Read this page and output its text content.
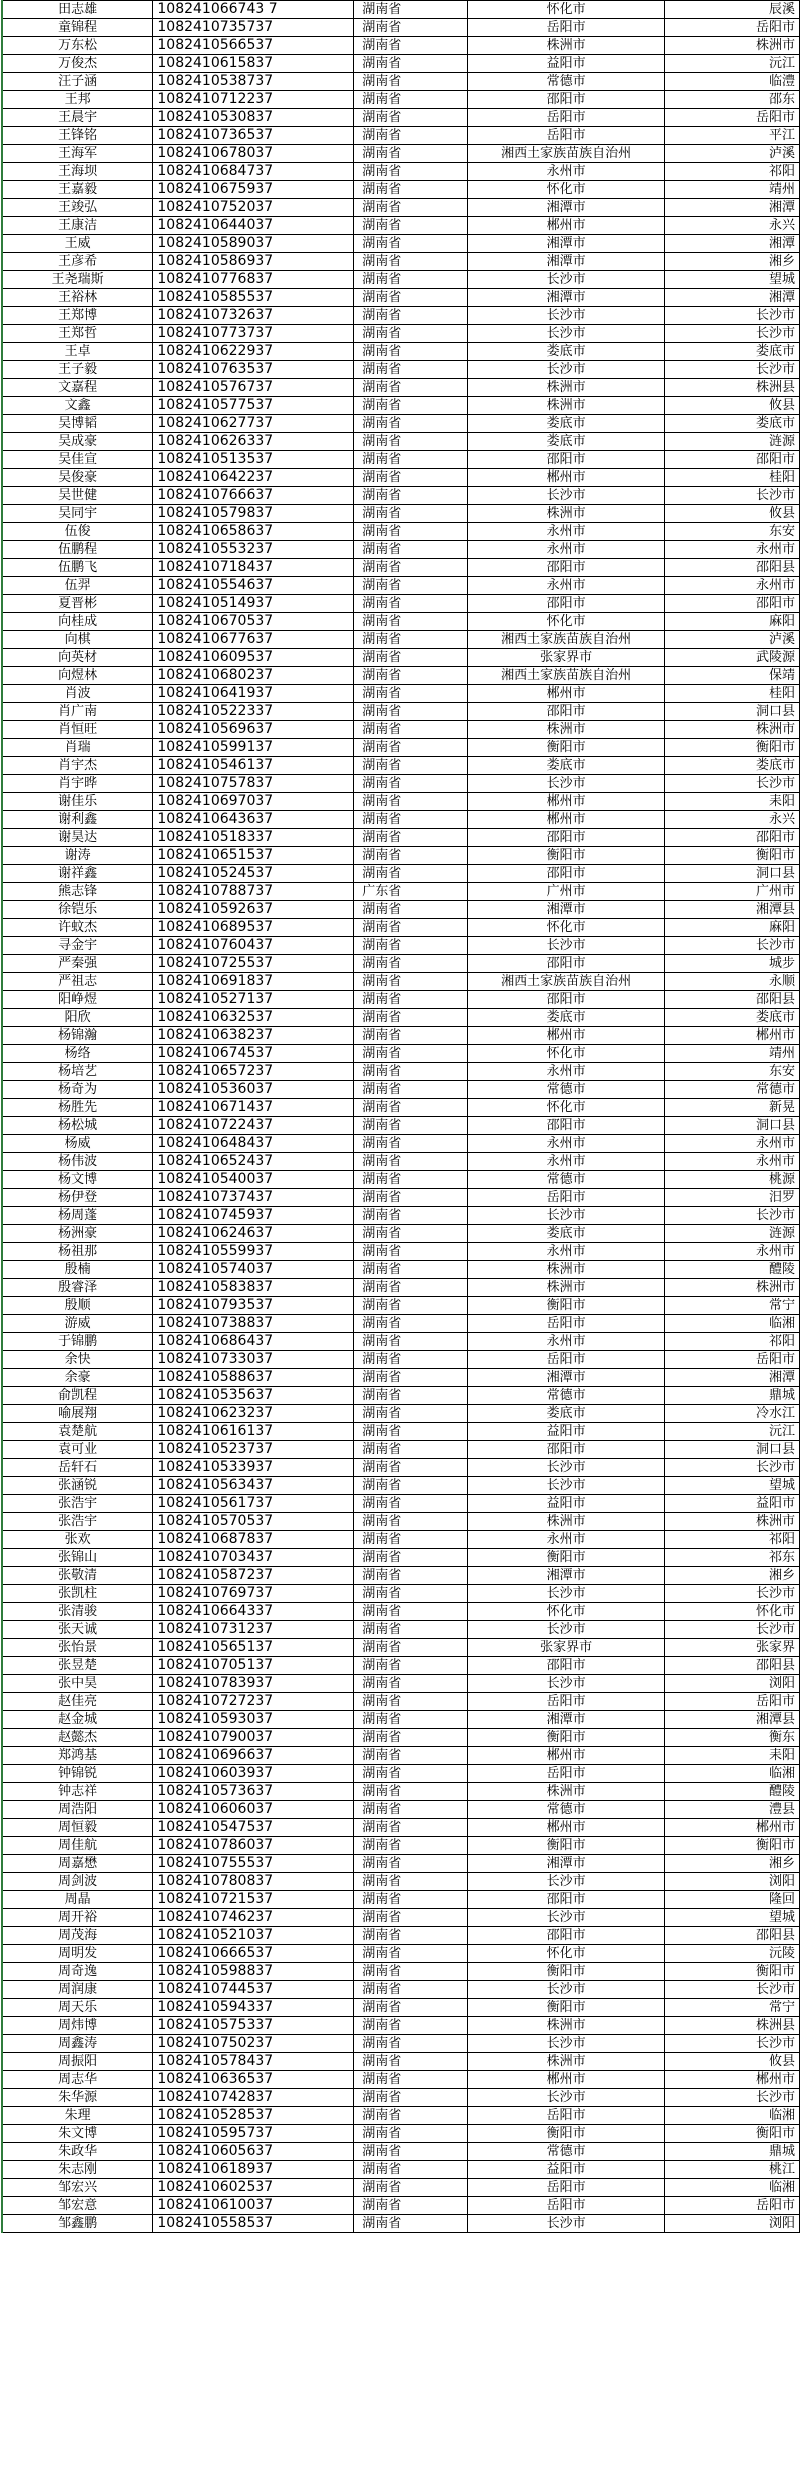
田志雄	108241066743 7	湖南省	怀化市	辰溪
童锦程	1082410735737	湖南省	岳阳市	岳阳市
万东松	1082410566537	湖南省	株洲市	株洲市
万俊杰	1082410615837	湖南省	益阳市	沅江
汪子涵	1082410538737	湖南省	常德市	临澧
王邦	1082410712237	湖南省	邵阳市	邵东
王晨宇	1082410530837	湖南省	岳阳市	岳阳市
王锋铭	1082410736537	湖南省	岳阳市	平江
王海军	1082410678037	湖南省	湘西土家族苗族自治州	泸溪
王海坝	1082410684737	湖南省	永州市	祁阳
王嘉毅	1082410675937	湖南省	怀化市	靖州
王竣弘	1082410752037	湖南省	湘潭市	湘潭
王康洁	1082410644037	湖南省	郴州市	永兴
王威	1082410589037	湖南省	湘潭市	湘潭
王彦希	1082410586937	湖南省	湘潭市	湘乡
王尧瑞斯	1082410776837	湖南省	长沙市	望城
王裕林	1082410585537	湖南省	湘潭市	湘潭
王郑博	1082410732637	湖南省	长沙市	长沙市
王郑哲	1082410773737	湖南省	长沙市	长沙市
王卓	1082410622937	湖南省	娄底市	娄底市
王子毅	1082410763537	湖南省	长沙市	长沙市
文嘉程	1082410576737	湖南省	株洲市	株洲县
文鑫	1082410577537	湖南省	株洲市	攸县
吴博韬	1082410627737	湖南省	娄底市	娄底市
吴成豪	1082410626337	湖南省	娄底市	涟源
吴佳宣	1082410513537	湖南省	邵阳市	邵阳市
吴俊豪	1082410642237	湖南省	郴州市	桂阳
吴世健	1082410766637	湖南省	长沙市	长沙市
吴同宇	1082410579837	湖南省	株洲市	攸县
伍俊	1082410658637	湖南省	永州市	东安
伍鹏程	1082410553237	湖南省	永州市	永州市
伍鹏飞	1082410718437	湖南省	邵阳市	邵阳县
伍羿	1082410554637	湖南省	永州市	永州市
夏晋彬	1082410514937	湖南省	邵阳市	邵阳市
向桂成	1082410670537	湖南省	怀化市	麻阳
向棋	1082410677637	湖南省	湘西土家族苗族自治州	泸溪
向英材	1082410609537	湖南省	张家界市	武陵源
向煜林	1082410680237	湖南省	湘西土家族苗族自治州	保靖
肖波	1082410641937	湖南省	郴州市	桂阳
肖广南	1082410522337	湖南省	邵阳市	洞口县
肖恒旺	1082410569637	湖南省	株洲市	株洲市
肖瑞	1082410599137	湖南省	衡阳市	衡阳市
肖宇杰	1082410546137	湖南省	娄底市	娄底市
肖宇晔	1082410757837	湖南省	长沙市	长沙市
谢佳乐	1082410697037	湖南省	郴州市	耒阳
谢利鑫	1082410643637	湖南省	郴州市	永兴
谢昊达	1082410518337	湖南省	邵阳市	邵阳市
谢涛	1082410651537	湖南省	衡阳市	衡阳市
谢祥鑫	1082410524537	湖南省	邵阳市	洞口县
熊志锋	1082410788737	广东省	广州市	广州市
徐铠乐	1082410592637	湖南省	湘潭市	湘潭县
许蚊杰	1082410689537	湖南省	怀化市	麻阳
寻金宇	1082410760437	湖南省	长沙市	长沙市
严秦强	1082410725537	湖南省	邵阳市	城步
严祖志	1082410691837	湖南省	湘西土家族苗族自治州	永顺
阳峥煜	1082410527137	湖南省	邵阳市	邵阳县
阳欣	1082410632537	湖南省	娄底市	娄底市
杨锦瀚	1082410638237	湖南省	郴州市	郴州市
杨络	1082410674537	湖南省	怀化市	靖州
杨培艺	1082410657237	湖南省	永州市	东安
杨奇为	1082410536037	湖南省	常德市	常德市
杨胜先	1082410671437	湖南省	怀化市	新晃
杨松城	1082410722437	湖南省	邵阳市	洞口县
杨威	1082410648437	湖南省	永州市	永州市
杨伟波	1082410652437	湖南省	永州市	永州市
杨文博	1082410540037	湖南省	常德市	桃源
杨伊登	1082410737437	湖南省	岳阳市	汨罗
杨周蓬	1082410745937	湖南省	长沙市	长沙市
杨洲豪	1082410624637	湖南省	娄底市	涟源
杨祖那	1082410559937	湖南省	永州市	永州市
殷楠	1082410574037	湖南省	株洲市	醴陵
殷睿泽	1082410583837	湖南省	株洲市	株洲市
殷顺	1082410793537	湖南省	衡阳市	常宁
游威	1082410738837	湖南省	岳阳市	临湘
于锦鹏	1082410686437	湖南省	永州市	祁阳
余快	1082410733037	湖南省	岳阳市	岳阳市
余豪	1082410588637	湖南省	湘潭市	湘潭
俞凯程	1082410535637	湖南省	常德市	鼎城
喻展翔	1082410623237	湖南省	娄底市	冷水江
袁楚航	1082410616137	湖南省	益阳市	沅江
袁可业	1082410523737	湖南省	邵阳市	洞口县
岳轩石	1082410533937	湖南省	长沙市	长沙市
张涵锐	1082410563437	湖南省	长沙市	望城
张浩宇	1082410561737	湖南省	益阳市	益阳市
张浩宇	1082410570537	湖南省	株洲市	株洲市
张欢	1082410687837	湖南省	永州市	祁阳
张锦山	1082410703437	湖南省	衡阳市	祁东
张敬清	1082410587237	湖南省	湘潭市	湘乡
张凯柱	1082410769737	湖南省	长沙市	长沙市
张清骏	1082410664337	湖南省	怀化市	怀化市
张天诚	1082410731237	湖南省	长沙市	长沙市
张怡景	1082410565137	湖南省	张家界市	张家界
张昱楚	1082410705137	湖南省	邵阳市	邵阳县
张中昊	1082410783937	湖南省	长沙市	浏阳
赵佳亮	1082410727237	湖南省	岳阳市	岳阳市
赵金城	1082410593037	湖南省	湘潭市	湘潭县
赵懿杰	1082410790037	湖南省	衡阳市	衡东
郑鸿基	1082410696637	湖南省	郴州市	耒阳
钟锦锐	1082410603937	湖南省	岳阳市	临湘
钟志祥	1082410573637	湖南省	株洲市	醴陵
周浩阳	1082410606037	湖南省	常德市	澧县
周恒毅	1082410547537	湖南省	郴州市	郴州市
周佳航	1082410786037	湖南省	衡阳市	衡阳市
周嘉懋	1082410755537	湖南省	湘潭市	湘乡
周剑波	1082410780837	湖南省	长沙市	浏阳
周晶	1082410721537	湖南省	邵阳市	隆回
周开裕	1082410746237	湖南省	长沙市	望城
周茂海	1082410521037	湖南省	邵阳市	邵阳县
周明发	1082410666537	湖南省	怀化市	沅陵
周奇逸	1082410598837	湖南省	衡阳市	衡阳市
周润康	1082410744537	湖南省	长沙市	长沙市
周天乐	1082410594337	湖南省	衡阳市	常宁
周炜博	1082410575337	湖南省	株洲市	株洲县
周鑫涛	1082410750237	湖南省	长沙市	长沙市
周振阳	1082410578437	湖南省	株洲市	攸县
周志华	1082410636537	湖南省	郴州市	郴州市
朱华源	1082410742837	湖南省	长沙市	长沙市
朱理	1082410528537	湖南省	岳阳市	临湘
朱文博	1082410595737	湖南省	衡阳市	衡阳市
朱政华	1082410605637	湖南省	常德市	鼎城
朱志刚	1082410618937	湖南省	益阳市	桃江
邹宏兴	1082410602537	湖南省	岳阳市	临湘
邹宏意	1082410610037	湖南省	岳阳市	岳阳市
邹鑫鹏	1082410558537	湖南省	长沙市	浏阳
